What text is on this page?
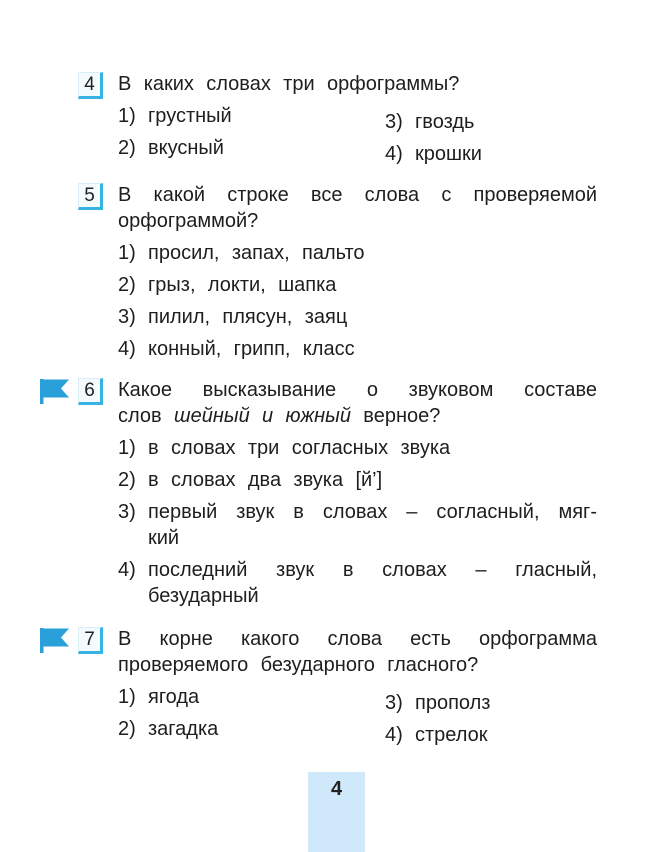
4	В каких словах три орфограммы?
1) грустный	3) гвоздь
2) вкусный	4) крошки
5	В какой строке все слова с проверяемой
орфограммой?
1) просил, запах, пальто
2) грыз, локти, шапка
3) пилил, плясун, заяц
4) конный, грипп, класс
6	Какое высказывание о звуковом составе
слов шейный и южный верное?
1) в словах три согласных звука
2) в словах два звука [й’]
3) первый звук в словах – согласный, мяг-
кий
4) последний звук в словах – гласный,
безударный
7	В корне какого слова есть орфограмма
проверяемого безударного гласного?
1) ягода	3) прополз
2) загадка	4) стрелок
4
